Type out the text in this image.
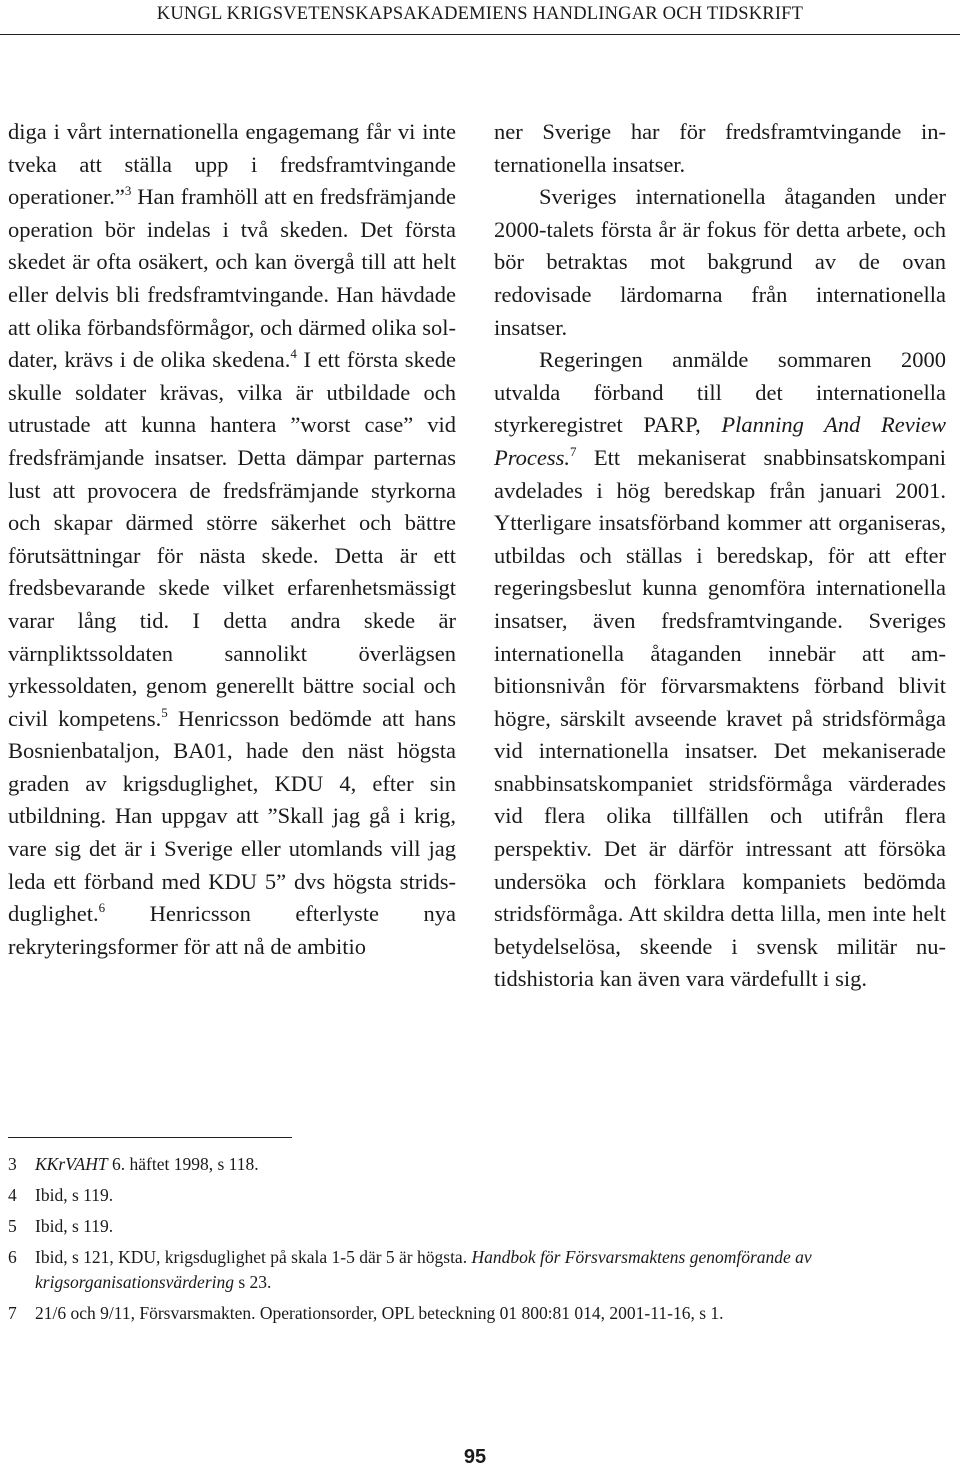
KUNGL KRIGSVETENSKAPSAKADEMIENS HANDLINGAR OCH TIDSKRIFT

diga i vårt internationella engagemang får vi inte tveka att ställa upp i fredsframtvingande operationer.”$^3$ Han framhöll att en fredsfrämjande operation bör indelas i två skeden. Det första skedet är ofta osäkert, och kan övergå till att helt eller delvis bli fredsframtvingande. Han hävdade att olika förbandsförmågor, och därmed olika soldater, krävs i de olika skedena.$^4$ I ett första skede skulle soldater krävas, vilka är utbildade och utrustade att kunna hantera ”worst case” vid fredsfrämjande insatser. Detta dämpar parternas lust att provocera de fredsfrämjande styrkorna och skapar därmed större säkerhet och bättre förutsättningar för nästa skede. Detta är ett fredsbevarande skede vilket erfarenhetsmässigt varar lång tid. I detta andra skede är värnpliktssoldaten sannolikt överlägsen yrkessoldaten, genom generellt bättre social och civil kompetens.$^5$ Henricsson bedömde att hans Bosnienbataljon, BA01, hade den näst högsta graden av krigsduglighet, KDU 4, efter sin utbildning. Han uppgav att ”Skall jag gå i krig, vare sig det är i Sverige eller utomlands vill jag leda ett förband med KDU 5” dvs högsta stridsduglighet.$^6$ Henricsson efterlyste nya rekryteringsformer för att nå de ambitio

ner Sverige har för fredsframtvingande internationella insatser.

Sveriges internationella åtaganden under 2000-talets första år är fokus för detta arbete, och bör betraktas mot bakgrund av de ovan redovisade lärdomarna från internationella insatser.

Regeringen anmälde sommaren 2000 utvalda förband till det internationella styrkeregistret PARP, Planning And Review Process.$^7$ Ett mekaniserat snabbinsatskompani avdelades i hög beredskap från januari 2001. Ytterligare insatsförband kommer att organiseras, utbildas och ställas i beredskap, för att efter regeringsbeslut kunna genomföra internationella insatser, även fredsframtvingande. Sveriges internationella åtaganden innebär att ambitionsnivån för förvarsmaktens förband blivit högre, särskilt avseende kravet på stridsförmåga vid internationella insatser. Det mekaniserade snabbinsatskompaniet stridsförmåga värderades vid flera olika tillfällen och utifrån flera perspektiv. Det är därför intressant att försöka undersöka och förklara kompaniets bedömda stridsförmåga. Att skildra detta lilla, men inte helt betydelselösa, skeende i svensk militär nutidshistoria kan även vara värdefullt i sig.

3 KKrVAHT 6. häftet 1998, s 118.
4 Ibid, s 119.
5 Ibid, s 119.
6 Ibid, s 121, KDU, krigsduglighet på skala 1-5 där 5 är högsta. Handbok för Försvarsmaktens genomförande av krigsorganisationsvärdering s 23.
7 21/6 och 9/11, Försvarsmakten. Operationsorder, OPL beteckning 01 800:81 014, 2001-11-16, s 1.
95
